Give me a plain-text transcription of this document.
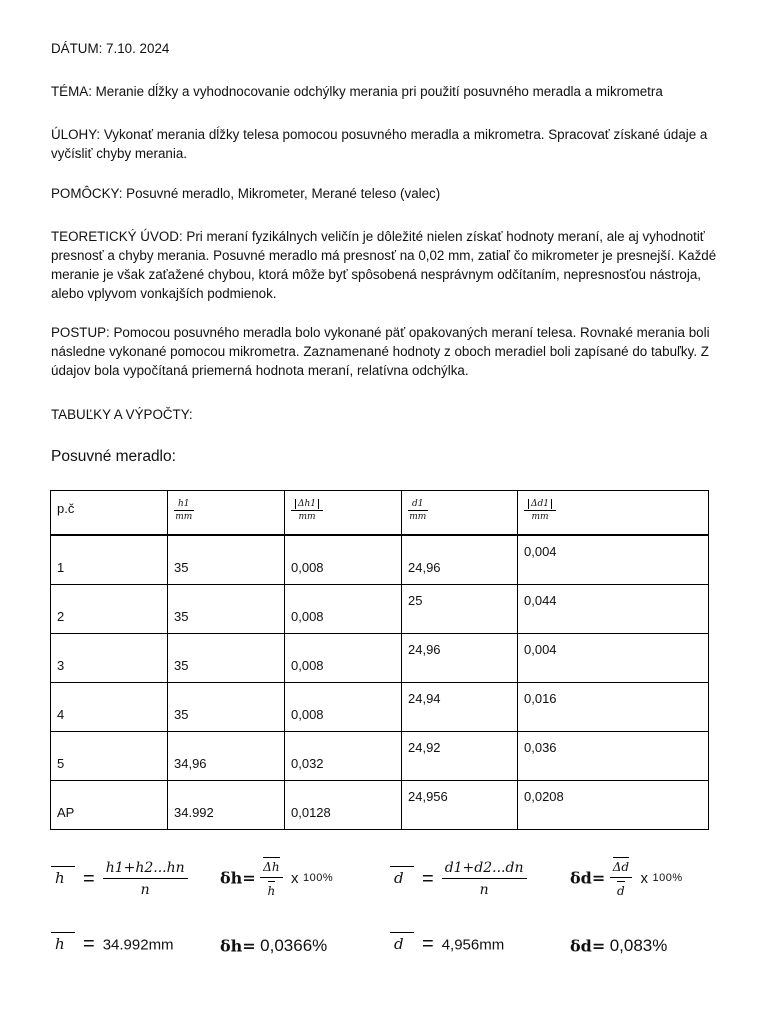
DÁTUM: 7.10. 2024
TÉMA: Meranie dĺžky a vyhodnocovanie odchýlky merania pri použití posuvného meradla a mikrometra
ÚLOHY: Vykonať merania dĺžky telesa pomocou posuvného meradla a mikrometra. Spracovať získané údaje a vyčísliť chyby merania.
POMÔCKY: Posuvné meradlo, Mikrometer, Merané teleso (valec)
TEORETICKÝ ÚVOD: Pri meraní fyzikálnych veličín je dôležité nielen získať hodnoty meraní, ale aj vyhodnotiť presnosť a chyby merania. Posuvné meradlo má presnosť na 0,02 mm, zatiaľ čo mikrometer je presnejší. Každé meranie je však zaťažené chybou, ktorá môže byť spôsobená nesprávnym odčítaním, nepresnosťou nástroja, alebo vplyvom vonkajších podmienok.
POSTUP: Pomocou posuvného meradla bolo vykonané päť opakovaných meraní telesa. Rovnaké merania boli následne vykonané pomocou mikrometra. Zaznamenané hodnoty z oboch meradiel boli zapísané do tabuľky. Z údajov bola vypočítaná priemerná hodnota meraní, relatívna odchýlka.
TABUĽKY A VÝPOČTY:
Posuvné meradlo:
p.č	$\frac{h1}{mm}$	$\frac{\Delta h1}{mm}$	$\frac{d1}{mm}$	$\frac{\Delta d1}{mm}$

1	35	0,008	24,96	0,004

2	35	0,008	25	0,044

3	35	0,008	24,96	0,004

4	35	0,008	24,94	0,016

5	34,96	0,032	24,92	0,036

AP	34.992	0,0128	24,956	0,0208
$h = \frac{h1+h2...hn}{n} \delta h= \frac{\Delta h}{h}$ x 100%	$d = \frac{d1+d2...dn}{n}$	$\delta d= \frac{\Delta d}{d}$ x 100%
h = 34.992mm	δh= 0,0366%	d = 4,956mm	δd= 0,083%
